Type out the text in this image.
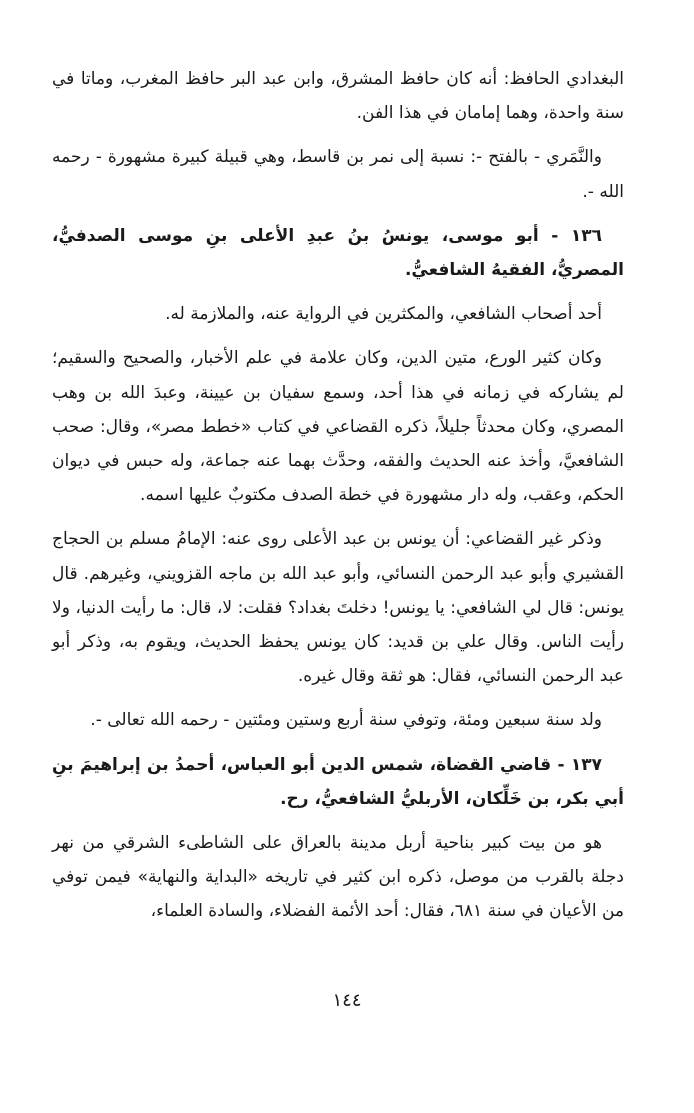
البغدادي الحافظ: أنه كان حافظ المشرق، وابن عبد البر حافظ المغرب، وماتا في سنة واحدة، وهما إمامان في هذا الفن.

والنَّمَري - بالفتح -: نسبة إلى نمر بن قاسط، وهي قبيلة كبيرة مشهورة - رحمه الله -.

١٣٦ - أبو موسى، يونسُ بنُ عبدِ الأعلى بنِ موسى الصدفيُّ، المصريُّ، الفقيهُ الشافعيُّ.

أحد أصحاب الشافعي، والمكثرين في الرواية عنه، والملازمة له.

وكان كثير الورع، متين الدين، وكان علامة في علم الأخبار، والصحيح والسقيم؛ لم يشاركه في زمانه في هذا أحد، وسمع سفيان بن عيينة، وعبدَ الله بن وهب المصري، وكان محدثاً جليلاً، ذكره القضاعي في كتاب «خطط مصر»، وقال: صحب الشافعيَّ، وأخذ عنه الحديث والفقه، وحدَّث بهما عنه جماعة، وله حبس في ديوان الحكم، وعقب، وله دار مشهورة في خطة الصدف مكتوبٌ عليها اسمه.

وذكر غير القضاعي: أن يونس بن عبد الأعلى روى عنه: الإمامُ مسلم بن الحجاج القشيري وأبو عبد الرحمن النسائي، وأبو عبد الله بن ماجه القزويني، وغيرهم. قال يونس: قال لي الشافعي: يا يونس! دخلتَ بغداد؟ فقلت: لا، قال: ما رأيت الدنيا، ولا رأيت الناس. وقال علي بن قديد: كان يونس يحفظ الحديث، ويقوم به، وذكر أبو عبد الرحمن النسائي، فقال: هو ثقة وقال غيره.

ولد سنة سبعين ومئة، وتوفي سنة أربع وستين ومئتين - رحمه الله تعالى -.

١٣٧ - قاضي القضاة، شمس الدين أبو العباس، أحمدُ بن إبراهيمَ بنِ أبي بكر، بن خَلِّكان، الأربليُّ الشافعيُّ، رح.

هو من بيت كبير بناحية أربل مدينة بالعراق على الشاطىء الشرقي من نهر دجلة بالقرب من موصل، ذكره ابن كثير في تاريخه «البداية والنهاية» فيمن توفي من الأعيان في سنة ٦٨١، فقال: أحد الأئمة الفضلاء، والسادة العلماء،

١٤٤
